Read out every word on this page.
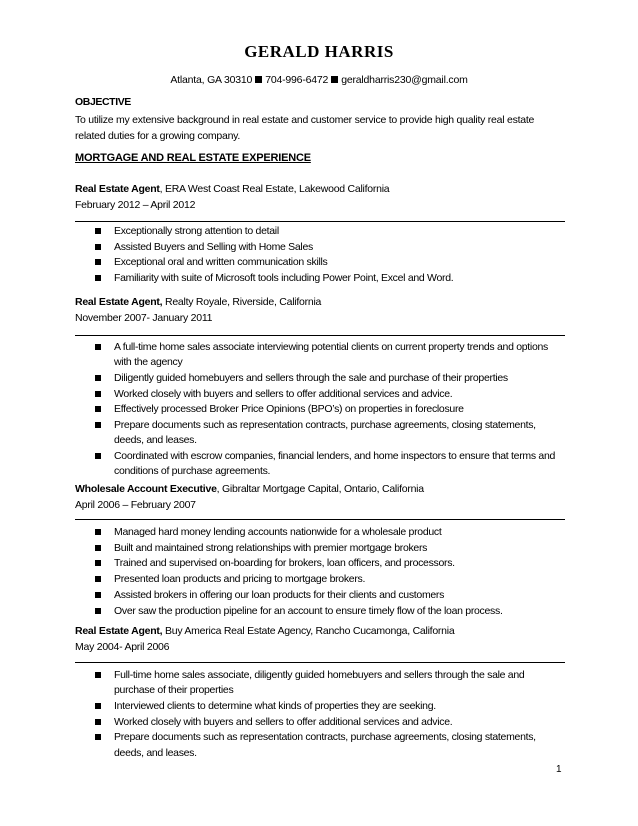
GERALD HARRIS
Atlanta, GA 30310 704-996-6472 geraldharris230@gmail.com
OBJECTIVE
To utilize my extensive background in real estate and customer service to provide high quality real estate related duties for a growing company.
MORTGAGE AND REAL ESTATE EXPERIENCE
Real Estate Agent, ERA West Coast Real Estate, Lakewood California
February 2012 – April 2012
Exceptionally strong attention to detail
Assisted Buyers and Selling with Home Sales
Exceptional oral and written communication skills
Familiarity with suite of Microsoft tools including Power Point, Excel and Word.
Real Estate Agent, Realty Royale, Riverside, California
November 2007- January 2011
A full-time home sales associate interviewing potential clients on current property trends and options with the agency
Diligently guided homebuyers and sellers through the sale and purchase of their properties
Worked closely with buyers and sellers to offer additional services and advice.
Effectively processed Broker Price Opinions (BPO’s) on properties in foreclosure
Prepare documents such as representation contracts, purchase agreements, closing statements, deeds, and leases.
Coordinated with escrow companies, financial lenders, and home inspectors to ensure that terms and conditions of purchase agreements.
Wholesale Account Executive, Gibraltar Mortgage Capital, Ontario, California
April 2006 – February 2007
Managed hard money lending accounts nationwide for a wholesale product
Built and maintained strong relationships with premier mortgage brokers
Trained and supervised on-boarding for brokers, loan officers, and processors.
Presented loan products and pricing to mortgage brokers.
Assisted brokers in offering our loan products for their clients and customers
Over saw the production pipeline for an account to ensure timely flow of the loan process.
Real Estate Agent, Buy America Real Estate Agency, Rancho Cucamonga, California
May 2004- April 2006
Full-time home sales associate, diligently guided homebuyers and sellers through the sale and purchase of their properties
Interviewed clients to determine what kinds of properties they are seeking.
Worked closely with buyers and sellers to offer additional services and advice.
Prepare documents such as representation contracts, purchase agreements, closing statements, deeds, and leases.
1
